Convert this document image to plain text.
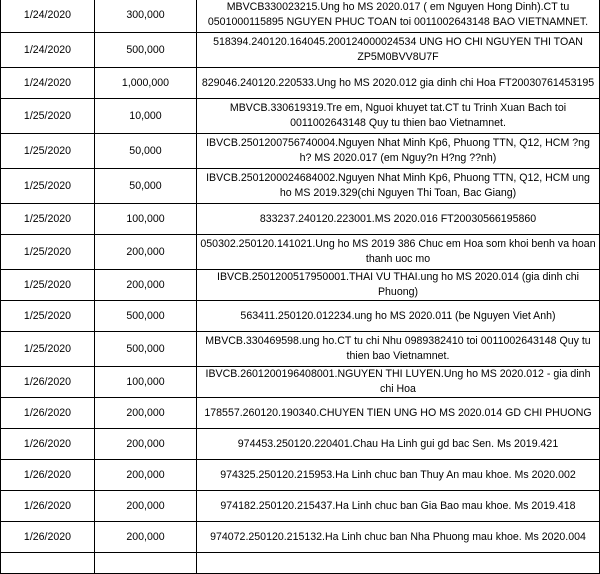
1/24/2020	300,000	MBVCB330023215.Ung ho MS 2020.017 ( em Nguyen Hong Dinh).CT tu 0501000115895 NGUYEN PHUC TOAN toi 0011002643148 BAO VIETNAMNET.
1/24/2020	500,000	518394.240120.164045.200124000024534 UNG HO CHI NGUYEN THI TOAN ZP5M0BVV8U7F
1/24/2020	1,000,000	829046.240120.220533.Ung ho MS 2020.012 gia dinh chi Hoa FT20030761453195
1/25/2020	10,000	MBVCB.330619319.Tre em, Nguoi khuyet tat.CT tu Trinh Xuan Bach toi 0011002643148 Quy tu thien bao Vietnamnet.
1/25/2020	50,000	IBVCB.2501200756740004.Nguyen Nhat Minh Kp6, Phuong TTN, Q12, HCM ?ng h? MS 2020.017 (em Nguy?n H?ng ??nh)
1/25/2020	50,000	IBVCB.2501200024684002.Nguyen Nhat Minh Kp6, Phuong TTN, Q12, HCM ung ho MS 2019.329(chi Nguyen Thi Toan, Bac Giang)
1/25/2020	100,000	833237.240120.223001.MS 2020.016 FT20030566195860
1/25/2020	200,000	050302.250120.141021.Ung ho MS 2019 386 Chuc em Hoa som khoi benh va hoan thanh uoc mo
1/25/2020	200,000	IBVCB.2501200517950001.THAI VU THAI.ung ho MS 2020.014 (gia dinh chi Phuong)
1/25/2020	500,000	563411.250120.012234.ung ho MS 2020.011 (be Nguyen Viet Anh)
1/25/2020	500,000	MBVCB.330469598.ung ho.CT tu chi Nhu 0989382410 toi 0011002643148 Quy tu thien bao Vietnamnet.
1/26/2020	100,000	IBVCB.2601200196408001.NGUYEN THI LUYEN.Ung ho MS 2020.012 - gia dinh chi Hoa
1/26/2020	200,000	178557.260120.190340.CHUYEN TIEN UNG HO MS 2020.014 GD CHI PHUONG
1/26/2020	200,000	974453.250120.220401.Chau Ha Linh gui gd bac Sen. Ms 2019.421
1/26/2020	200,000	974325.250120.215953.Ha Linh chuc ban Thuy An mau khoe. Ms 2020.002
1/26/2020	200,000	974182.250120.215437.Ha Linh chuc ban Gia Bao mau khoe. Ms 2019.418
1/26/2020	200,000	974072.250120.215132.Ha Linh chuc ban Nha Phuong mau khoe. Ms 2020.004
